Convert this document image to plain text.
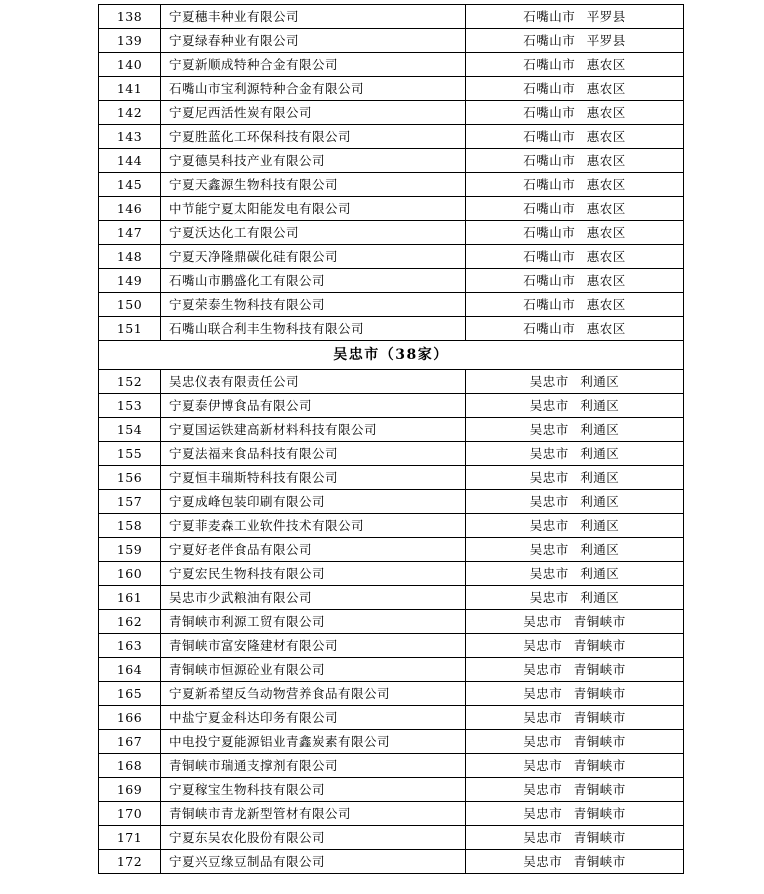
138	宁夏穗丰种业有限公司	石嘴山市 平罗县
139	宁夏绿春种业有限公司	石嘴山市 平罗县
140	宁夏新顺成特种合金有限公司	石嘴山市 惠农区
141	石嘴山市宝利源特种合金有限公司	石嘴山市 惠农区
142	宁夏尼西活性炭有限公司	石嘴山市 惠农区
143	宁夏胜蓝化工环保科技有限公司	石嘴山市 惠农区
144	宁夏德昊科技产业有限公司	石嘴山市 惠农区
145	宁夏天鑫源生物科技有限公司	石嘴山市 惠农区
146	中节能宁夏太阳能发电有限公司	石嘴山市 惠农区
147	宁夏沃达化工有限公司	石嘴山市 惠农区
148	宁夏天净隆鼎碳化硅有限公司	石嘴山市 惠农区
149	石嘴山市鹏盛化工有限公司	石嘴山市 惠农区
150	宁夏荣泰生物科技有限公司	石嘴山市 惠农区
151	石嘴山联合利丰生物科技有限公司	石嘴山市 惠农区
吴忠市（38家）		
152	吴忠仪表有限责任公司	吴忠市 利通区
153	宁夏泰伊博食品有限公司	吴忠市 利通区
154	宁夏国运铁建高新材料科技有限公司	吴忠市 利通区
155	宁夏法福来食品科技有限公司	吴忠市 利通区
156	宁夏恒丰瑞斯特科技有限公司	吴忠市 利通区
157	宁夏成峰包装印刷有限公司	吴忠市 利通区
158	宁夏菲麦森工业软件技术有限公司	吴忠市 利通区
159	宁夏好老伴食品有限公司	吴忠市 利通区
160	宁夏宏民生物科技有限公司	吴忠市 利通区
161	吴忠市少武粮油有限公司	吴忠市 利通区
162	青铜峡市利源工贸有限公司	吴忠市 青铜峡市
163	青铜峡市富安隆建材有限公司	吴忠市 青铜峡市
164	青铜峡市恒源砼业有限公司	吴忠市 青铜峡市
165	宁夏新希望反刍动物营养食品有限公司	吴忠市 青铜峡市
166	中盐宁夏金科达印务有限公司	吴忠市 青铜峡市
167	中电投宁夏能源铝业青鑫炭素有限公司	吴忠市 青铜峡市
168	青铜峡市瑞通支撑剂有限公司	吴忠市 青铜峡市
169	宁夏稼宝生物科技有限公司	吴忠市 青铜峡市
170	青铜峡市青龙新型管材有限公司	吴忠市 青铜峡市
171	宁夏东吴农化股份有限公司	吴忠市 青铜峡市
172	宁夏兴豆缘豆制品有限公司	吴忠市 青铜峡市
